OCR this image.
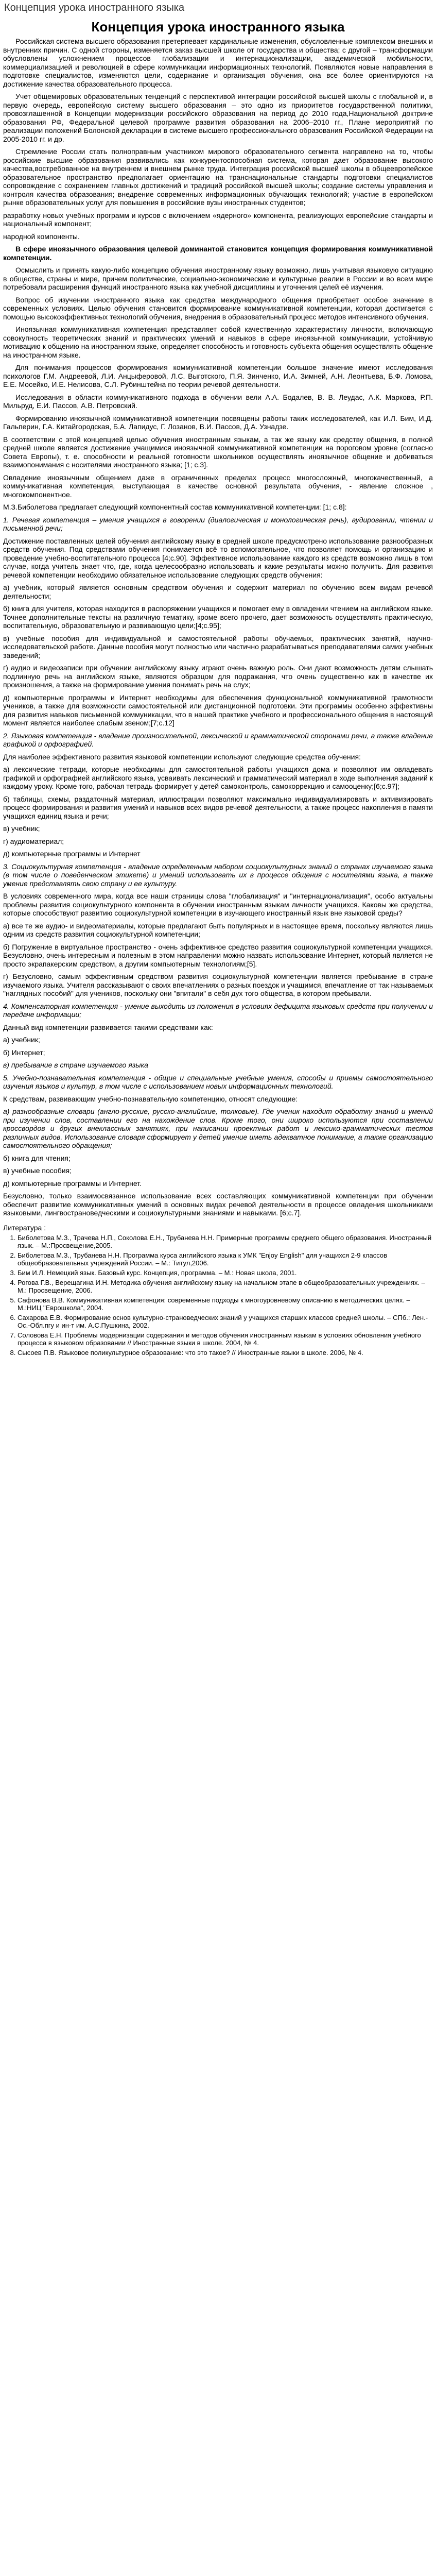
Концепция урока иностранного языка
Концепция урока иностранного языка

Российская система высшего образования претерпевает кардинальные изменения, обусловленные комплексом внешних и внутренних причин. С одной стороны, изменяется заказ высшей школе от государства и общества; с другой – трансформации обусловлены усложнением процессов глобализации и интернационализации, академической мобильности, коммерциализацией и революцией в сфере коммуникации информационных технологий. Появляются новые направления в подготовке специалистов, изменяются цели, содержание и организация обучения, она все более ориентируются на достижение качества образовательного процесса.

Учет общемировых образовательных тенденций с перспективой интеграции российской высшей школы с глобальной и, в первую очередь, европейскую систему высшего образования – это одно из приоритетов государственной политики, провозглашенной в Концепции модернизации российского образования на период до 2010 года,Национальной доктрине образования РФ, Федеральной целевой программе развития образования на 2006–2010 гг., Плане мероприятий по реализации положений Болонской декларации в системе высшего профессионального образования Российской Федерации на 2005-2010 гг. и др.

Стремление России стать полноправным участником мирового образовательного сегмента направлено на то, чтобы российские высшие образования развивались как конкурентоспособная система, которая дает образование высокого качества,востребованное на внутреннем и внешнем рынке труда. Интеграция российской высшей школы в общеевропейское образовательное пространство предполагает ориентацию на транснациональные стандарты подготовки специалистов сопровождение с сохранением главных достижений и традиций российской высшей школы; создание системы управления и контроля качества образования; внедрение современных информационных обучающих технологий; участие в европейском рынке образовательных услуг для повышения в российские вузы иностранных студентов;

разработку новых учебных программ и курсов с включением «ядерного» компонента, реализующих европейские стандарты и национальный компонент;

народной компоненты.

В сфере иноязычного образования целевой доминантой становится концепция формирования коммуникативной компетенции.

Осмыслить и принять какую-либо концепцию обучения иностранному языку возможно, лишь учитывая языковую ситуацию в обществе, страны и мире, причем политические, социально-экономические и культурные реалии в России и во всем мире потребовали расширения функций иностранного языка как учебной дисциплины и уточнения целей её изучения.

Вопрос об изучении иностранного языка как средства международного общения приобретает особое значение в современных условиях. Целью обучения становится формирование коммуникативной компетенции, которая достигается с помощью высокоэффективных технологий обучения, внедрения в образовательный процесс методов интенсивного обучения.

Иноязычная коммуникативная компетенция представляет собой качественную характеристику личности, включающую совокупность теоретических знаний и практических умений и навыков в сфере иноязычной коммуникации, устойчивую мотивацию к общению на иностранном языке, определяет способность и готовность субъекта общения осуществлять общение на иностранном языке.

Для понимания процессов формирования коммуникативной компетенции большое значение имеют исследования психологов Г.М. Андреевой, Л.И. Анцыферовой, Л.С. Выготского, П.Я. Зинченко, И.А. Зимней, А.Н. Леонтьева, Б.Ф. Ломова, Е.Е. Мосейко, И.Е. Нелисова, С.Л. Рубинштейна по теории речевой деятельности.

Исследования в области коммуникативного подхода в обучении вели А.А. Бодалев, В. В. Леудас, А.К. Маркова, Р.П. Мильруд, Е.И. Пассов, А.В. Петровский.

Формированию иноязычной коммуникативной компетенции посвящены работы таких исследователей, как И.Л. Бим, И.Д. Гальперин, Г.А. Китайгородская, Б.А. Лапидус, Г. Лозанов, В.И. Пассов, Д.А. Узнадзе.

В соответствии с этой концепцией целью обучения иностранным языкам, а так же языку как средству общения, в полной средней школе является достижение учащимися иноязычной коммуникативной компетенции на пороговом уровне (согласно Совета Европы), т. е. способности и реальной готовности школьников осуществлять иноязычное общение и добиваться взаимопонимания с носителями иностранного языка; [1; с.3].

Овладение иноязычным общением даже в ограниченных пределах процесс многосложный, многокачественный, а коммуникативная компетенция, выступающая в качестве основной результата обучения, - явление сложное , многокомпонентное.

М.З.Биболетова предлагает следующий компонентный состав коммуникативной компетенции: [1; с.8]:

1. Речевая компетенция – умения учащихся в говорении (диалогическая и монологическая речь), аудировании, чтении и письменной речи;

Достижение поставленных целей обучения английскому языку в средней школе предусмотрено использование разнообразных средств обучения. Под средствами обучения понимается всё то вспомогательное, что позволяет помощь и организацию и проведение учебно-воспитательного процесса [4;с.90]. Эффективное использование каждого из средств возможно лишь в том случае, когда учитель знает что, где, когда целесообразно использовать и какие результаты можно получить. Для развития речевой компетенции необходимо обязательное использование следующих средств обучения:

а) учебник, который является основным средством обучения и содержит материал по обучению всем видам речевой деятельности;

б) книга для учителя, которая находится в распоряжении учащихся и помогает ему в овладении чтением на английском языке. Точнее дополнительные тексты на различную тематику, кроме всего прочего, дает возможность осуществлять практическую, воспитательную, образовательную и развивающую цели;[4;с.95];

в) учебные пособия для индивидуальной и самостоятельной работы обучаемых, практических занятий, научно-исследовательской работе. Данные пособия могут полностью или частично разрабатываться преподавателями самих учебных заведений;

г) аудио и видеозаписи при обучении английскому языку играют очень важную роль. Они дают возможность детям слышать подлинную речь на английском языке, являются образцом для подражания, что очень существенно как в качестве их произношения, а также на формирование умения понимать речь на слух;

д) компьютерные программы и Интернет необходимы для обеспечения функциональной коммуникативной грамотности учеников, а также для возможности самостоятельной или дистанционной подготовки. Эти программы особенно эффективны для развития навыков письменной коммуникации, что в нашей практике учебного и профессионального общения в настоящий момент является наиболее слабым звеном;[7;с.12]

2. Языковая компетенция - владение произносительной, лексической и грамматической сторонами речи, а также владение графикой и орфографией.

Для наиболее эффективного развития языковой компетенции используют следующие средства обучения:

а) лексические тетради, которые необходимы для самостоятельной работы учащихся дома и позволяют им овладевать графикой и орфографией английского языка, усваивать лексический и грамматический материал в ходе выполнения заданий к каждому уроку. Кроме того, рабочая тетрадь формирует у детей самоконтроль, самокоррекцию и самооценку;[6;с.97];

б) таблицы, схемы, раздаточный материал, иллюстрации позволяют максимально индивидуализировать и активизировать процесс формирования и развития умений и навыков всех видов речевой деятельности, а также процесс накопления в памяти учащихся единиц языка и речи;

в) учебник;

г) аудиоматериал;

д) компьютерные программы и Интернет

3. Социокультурная компетенция - владение определенным набором социокультурных знаний о странах изучаемого языка (в том числе о поведенческом этикете) и умений использовать их в процессе общения с носителями языка, а также умение представлять свою страну и ее культуру.

В условиях современного мира, когда все наши страницы слова "глобализация" и "интернационализация", особо актуальны проблемы развития социокультурного компонента в обучении иностранным языкам личности учащихся. Каковы же средства, которые способствуют развитию социокультурной компетенции в изучающего иностранный язык вне языковой среды?

а) все те же аудио- и видеоматериалы, которые предлагают быть популярных и в настоящее время, поскольку являются лишь одним из средств развития социокультурной компетенции;

б) Погружение в виртуальное пространство - очень эффективное средство развития социокультурной компетенции учащихся. Безусловно, очень интересным и полезным в этом направлении можно назвать использование Интернет, который является не просто экрапакерским средством, а другим компьютерным технологиям;[5].

г) Безусловно, самым эффективным средством развития социокультурной компетенции является пребывание в стране изучаемого языка. Учителя рассказывают о своих впечатлениях о разных поездок и учащимся, впечатление от так называемых "наглядных пособий" для учеников, поскольку они "впитали" в себя дух того общества, в котором пребывали.

4. Компенсаторная компетенция - умение выходить из положения в условиях дефицита языковых средств при получении и передаче информации;

Данный вид компетенции развивается такими средствами как:

а) учебник;

б) Интернет;

в) пребывание в стране изучаемого языка

5. Учебно-познавательная компетенция - общие и специальные учебные умения, способы и приемы самостоятельного изучения языков и культур, в том числе с использованием новых информационных технологий.

К средствам, развивающим учебно-познавательную компетенцию, относят следующие:

а) разнообразные словари (англо-русские, русско-английские, толковые). Где ученик находит обработку знаний и умений при изучении слов, составлении его на нахождение слов. Кроме того, они широко используются при составлении кроссвордов и других внеклассных занятиях, при написании проектных работ и лексико-грамматических тестов различных видов. Использование словаря сформирует у детей умение иметь адекватное понимание, а также организацию самостоятельного обращения;

б) книга для чтения;

в) учебные пособия;

д) компьютерные программы и Интернет.

Безусловно, только взаимосвязанное использование всех составляющих коммуникативной компетенции при обучении обеспечит развитие коммуникативных умений в основных видах речевой деятельности в процессе овладения школьниками языковыми, лингвострановедческими и социокультурными знаниями и навыками. [6;с.7].

Литература :

1. Биболетова М.З., Трачева Н.П., Соколова Е.Н., Трубанева Н.Н. Примерные программы среднего общего образования. Иностранный язык. – М.:Просвещение,2005.
2. Биболетова М.З., Трубанева Н.Н. Программа курса английского языка к УМК "Enjoy English" для учащихся 2-9 классов общеобразовательных учреждений России. – М.: Титул,2006.
3. Бим И.Л. Немецкий язык. Базовый курс. Концепция, программа. – М.: Новая школа, 2001.
4. Рогова Г.В., Верещагина И.Н. Методика обучения английскому языку на начальном этапе в общеобразовательных учреждениях. – М.: Просвещение, 2006.
5. Сафонова В.В. Коммуникативная компетенция: современные подходы к многоуровневому описанию в методических целях. – М.:НИЦ "Еврошкола", 2004.
6. Сахарова Е.В. Формирование основ культурно-страноведческих знаний у учащихся старших классов средней школы. – СПб.: Лен.-Ос.-Обл.пгу и ин-т им. А.С.Пушкина, 2002.
7. Соловова Е.Н. Проблемы модернизации содержания и методов обучения иностранным языкам в условиях обновления учебного процесса в языковом образовании // Иностранные языки в школе. 2004, № 4.
8. Сысоев П.В. Языковое поликультурное образование: что это такое? // Иностранные языки в школе. 2006, № 4.
